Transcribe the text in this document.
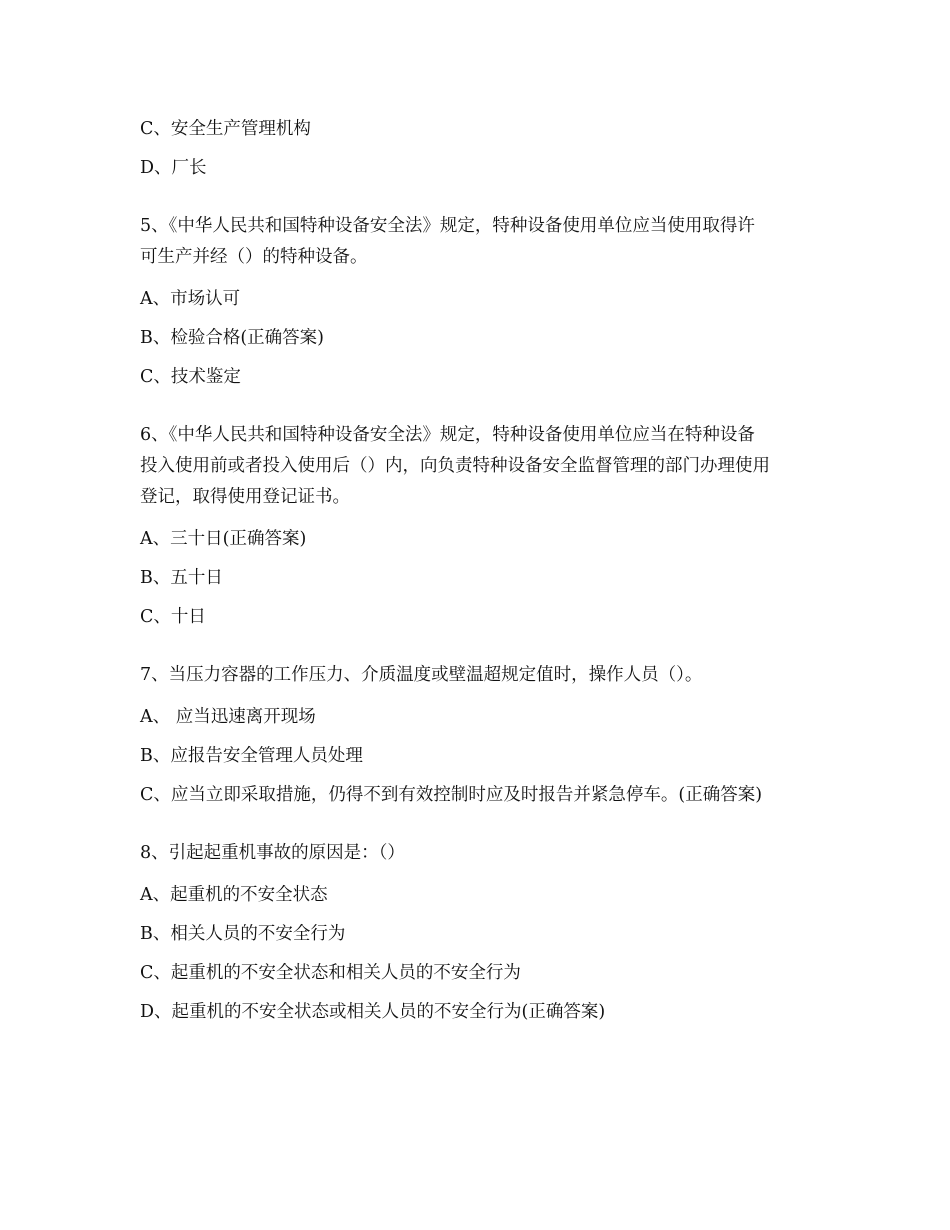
C、安全生产管理机构

D、厂长

5、《中华人民共和国特种设备安全法》规定，特种设备使用单位应当使用取得许

可生产并经（）的特种设备。

A、市场认可

B、检验合格(正确答案)

C、技术鉴定

6、《中华人民共和国特种设备安全法》规定，特种设备使用单位应当在特种设备

投入使用前或者投入使用后（）内，向负责特种设备安全监督管理的部门办理使用

登记，取得使用登记证书。

A、三十日(正确答案)

B、五十日

C、十日

7、当压力容器的工作压力、介质温度或壁温超规定值时，操作人员（）。

A、 应当迅速离开现场

B、应报告安全管理人员处理

C、应当立即采取措施，仍得不到有效控制时应及时报告并紧急停车。(正确答案)

8、引起起重机事故的原因是：（）

A、起重机的不安全状态

B、相关人员的不安全行为

C、起重机的不安全状态和相关人员的不安全行为

D、起重机的不安全状态或相关人员的不安全行为(正确答案)
